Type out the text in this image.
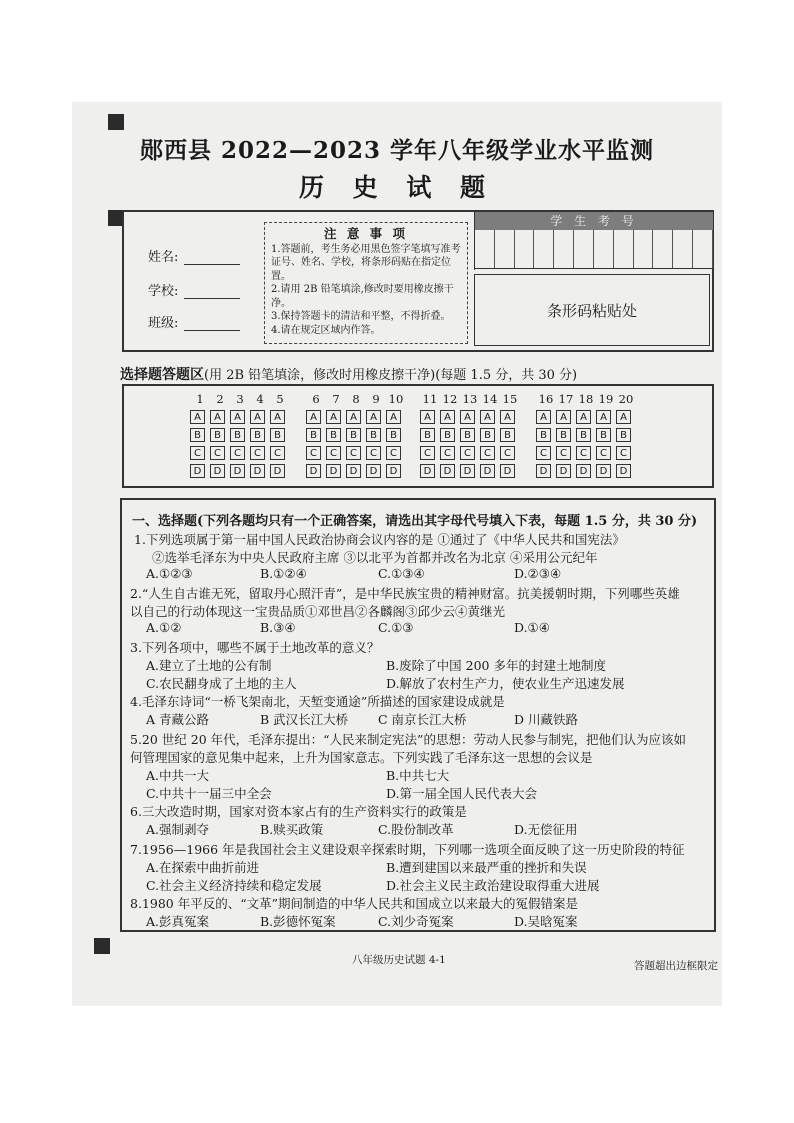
郧西县 2022—2023 学年八年级学业水平监测
历 史 试 题
姓名:
学校:
班级:
注 意 事 项
1.答题前，考生务必用黑色签字笔填写准考证号、姓名、学校，将条形码贴在指定位置。
2.请用 2B 铅笔填涂,修改时要用橡皮擦干净。
3.保持答题卡的清洁和平整，不得折叠。
4.请在规定区域内作答。
学 生 考 号
条形码粘贴处
选择题答题区(用 2B 铅笔填涂，修改时用橡皮擦干净)(每题 1.5 分，共 30 分)
1	2	3	4	5
A	A	A	A	A
B	B	B	B	B
C	C	C	C	C
D	D	D	D	D
6	7	8	9 10
A	A	A	A	A
B	B	B	B	B
C	C	C	C	C
D	D	D	D	D
11 12 13 14 15
A	A	A	A	A
B	B	B	B	B
C	C	C	C	C
D	D	D	D	D
16 17 18 19 20
A	A	A	A	A
B	B	B	B	B
C	C	C	C	C
D	D	D	D	D
一、选择题(下列各题均只有一个正确答案，请选出其字母代号填入下表，每题 1.5 分，共 30 分)
1.下列选项属于第一届中国人民政治协商会议内容的是 ①通过了《中华人民共和国宪法》
②选举毛泽东为中央人民政府主席 ③以北平为首都并改名为北京 ④采用公元纪年
A.①②③	B.①②④	C.①③④	D.②③④
2.“人生自古谁无死，留取丹心照汗青”，是中华民族宝贵的精神财富。抗美援朝时期，下列哪些英雄
以自己的行动体现这一宝贵品质①邓世昌②各麟阁③邱少云④黄继光
A.①②	B.③④	C.①③	D.①④
3.下列各项中，哪些不属于土地改革的意义？
A.建立了土地的公有制	B.废除了中国 200 多年的封建土地制度
C.农民翻身成了土地的主人	D.解放了农村生产力，使农业生产迅速发展
4.毛泽东诗词“一桥飞架南北，天堑变通途”所描述的国家建设成就是
A 青藏公路	B 武汉长江大桥 C 南京长江大桥	D 川藏铁路
5.20 世纪 20 年代，毛泽东提出：“人民来制定宪法”的思想：劳动人民参与制宪，把他们认为应该如
何管理国家的意见集中起来，上升为国家意志。下列实践了毛泽东这一思想的会议是
A.中共一大	B.中共七大
C.中共十一届三中全会	D.第一届全国人民代表大会
6.三大改造时期，国家对资本家占有的生产资料实行的政策是
A.强制剥夺	B.赎买政策	C.股份制改革	D.无偿征用
7.1956—1966 年是我国社会主义建设艰辛探索时期，下列哪一选项全面反映了这一历史阶段的特征
A.在探索中曲折前进	B.遭到建国以来最严重的挫折和失误
C.社会主义经济持续和稳定发展	D.社会主义民主政治建设取得重大进展
8.1980 年平反的、“文革”期间制造的中华人民共和国成立以来最大的冤假错案是
A.彭真冤案	B.彭德怀冤案	C.刘少奇冤案	D.吴晗冤案
八年级历史试题 4-1	答题超出边框限定
